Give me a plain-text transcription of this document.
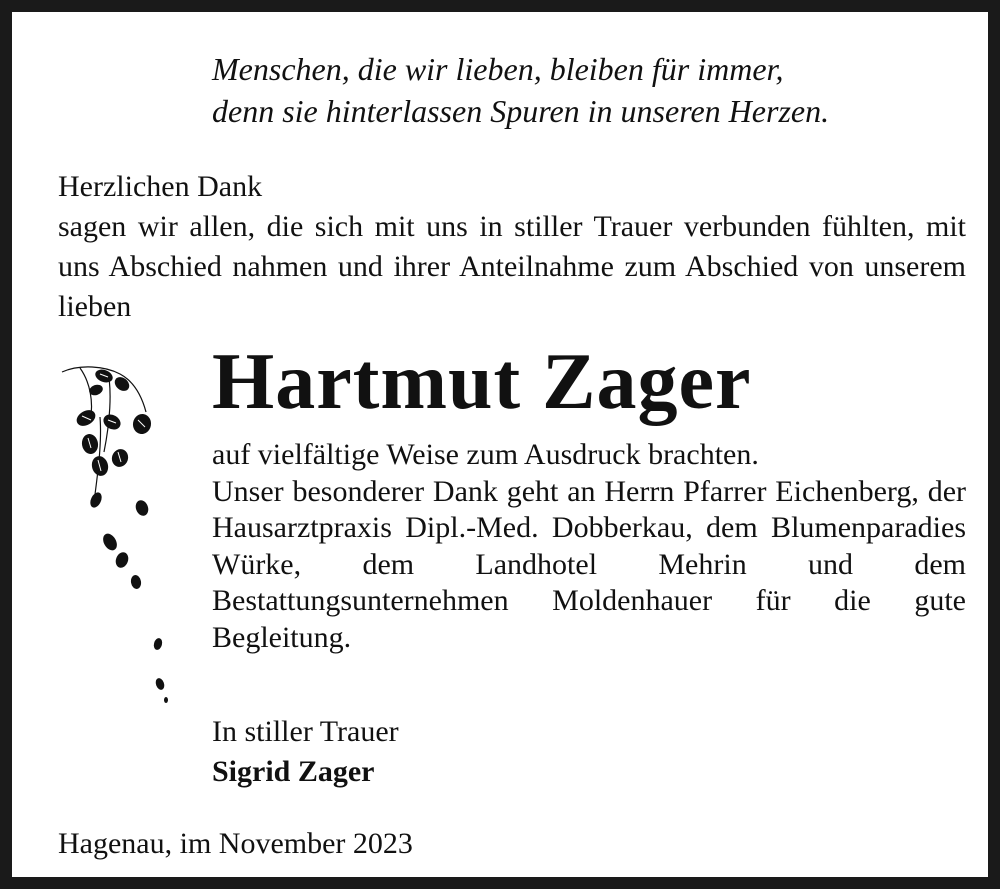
Menschen, die wir lieben, bleiben für immer,
denn sie hinterlassen Spuren in unseren Herzen.
Herzlichen Dank
sagen wir allen, die sich mit uns in stiller Trauer verbunden fühlten, mit uns Abschied nahmen und ihrer Anteilnahme zum Abschied von unserem lieben
Hartmut Zager
auf vielfältige Weise zum Ausdruck brachten.
Unser besonderer Dank geht an Herrn Pfarrer Eichenberg, der Hausarztpraxis Dipl.-Med. Dobberkau, dem Blumenparadies Würke, dem Landhotel Mehrin und dem Bestattungsunternehmen Moldenhauer für die gute Begleitung.
In stiller Trauer
Sigrid Zager
Hagenau, im November 2023
